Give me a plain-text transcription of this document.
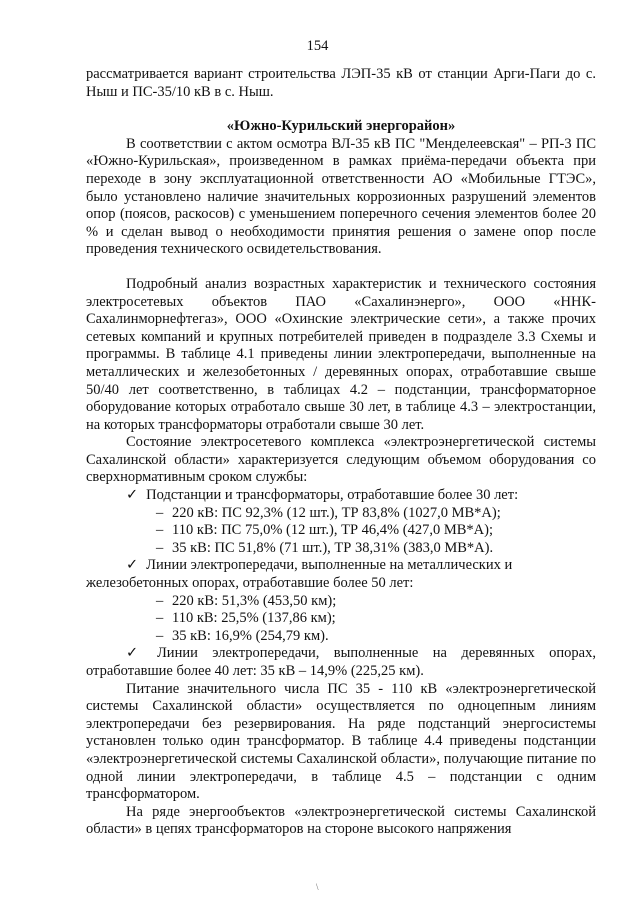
154

рассматривается вариант строительства ЛЭП-35 кВ от станции Арги-Паги до с. Ныш и ПС-35/10 кВ в с. Ныш.

«Южно-Курильский энергорайон»

В соответствии с актом осмотра ВЛ-35 кВ ПС "Менделеевская" – РП-3 ПС «Южно-Курильская», произведенном в рамках приёма-передачи объекта при переходе в зону эксплуатационной ответственности АО «Мобильные ГТЭС», было установлено наличие значительных коррозионных разрушений элементов опор (поясов, раскосов) с уменьшением поперечного сечения элементов более 20 % и сделан вывод о необходимости принятия решения о замене опор после проведения технического освидетельствования.

Подробный анализ возрастных характеристик и технического состояния электросетевых объектов ПАО «Сахалинэнерго», ООО «ННК-Сахалинморнефтегаз», ООО «Охинские электрические сети», а также прочих сетевых компаний и крупных потребителей приведен в подразделе 3.3 Схемы и программы. В таблице 4.1 приведены линии электропередачи, выполненные на металлических и железобетонных / деревянных опорах, отработавшие свыше 50/40 лет соответственно, в таблицах 4.2 – подстанции, трансформаторное оборудование которых отработало свыше 30 лет, в таблице 4.3 – электростанции, на которых трансформаторы отработали свыше 30 лет.

Состояние электросетевого комплекса «электроэнергетической системы Сахалинской области» характеризуется следующим объемом оборудования со сверхнормативным сроком службы:

✓ Подстанции и трансформаторы, отработавшие более 30 лет:

– 220 кВ: ПС 92,3% (12 шт.), ТР 83,8% (1027,0 МВ*А);
– 110 кВ: ПС 75,0% (12 шт.), ТР 46,4% (427,0 МВ*А);
– 35 кВ: ПС 51,8% (71 шт.), ТР 38,31% (383,0 МВ*А).

✓ Линии электропередачи, выполненные на металлических и

железобетонных опорах, отработавшие более 50 лет:

– 220 кВ: 51,3% (453,50 км);
– 110 кВ: 25,5% (137,86 км);
– 35 кВ: 16,9% (254,79 км).

✓ Линии электропередачи, выполненные на деревянных опорах, отработавшие более 40 лет: 35 кВ – 14,9% (225,25 км).

Питание значительного числа ПС 35 - 110 кВ «электроэнергетической системы Сахалинской области» осуществляется по одноцепным линиям электропередачи без резервирования. На ряде подстанций энергосистемы установлен только один трансформатор. В таблице 4.4 приведены подстанции «электроэнергетической системы Сахалинской области», получающие питание по одной линии электропередачи, в таблице 4.5 – подстанции с одним трансформатором.

На ряде энергообъектов «электроэнергетической системы Сахалинской области» в цепях трансформаторов на стороне высокого напряжения

\
